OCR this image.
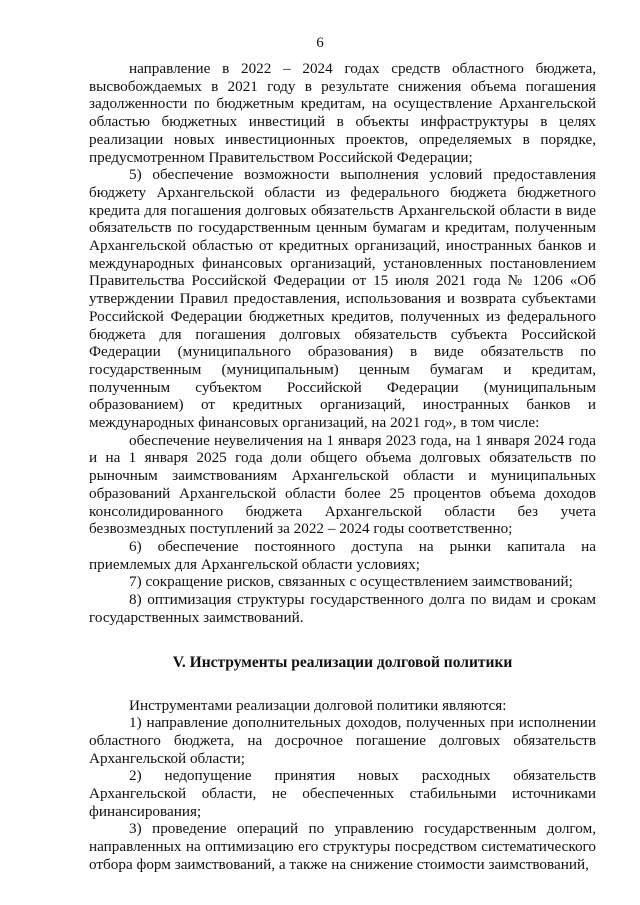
6

направление в 2022 – 2024 годах средств областного бюджета, высвобождаемых в 2021 году в результате снижения объема погашения задолженности по бюджетным кредитам, на осуществление Архангельской областью бюджетных инвестиций в объекты инфраструктуры в целях реализации новых инвестиционных проектов, определяемых в порядке, предусмотренном Правительством Российской Федерации;

5) обеспечение возможности выполнения условий предоставления бюджету Архангельской области из федерального бюджета бюджетного кредита для погашения долговых обязательств Архангельской области в виде обязательств по государственным ценным бумагам и кредитам, полученным Архангельской областью от кредитных организаций, иностранных банков и международных финансовых организаций, установленных постановлением Правительства Российской Федерации от 15 июля 2021 года № 1206 «Об утверждении Правил предоставления, использования и возврата субъектами Российской Федерации бюджетных кредитов, полученных из федерального бюджета для погашения долговых обязательств субъекта Российской Федерации (муниципального образования) в виде обязательств по государственным (муниципальным) ценным бумагам и кредитам, полученным субъектом Российской Федерации (муниципальным образованием) от кредитных организаций, иностранных банков и международных финансовых организаций, на 2021 год», в том числе:

обеспечение неувеличения на 1 января 2023 года, на 1 января 2024 года и на 1 января 2025 года доли общего объема долговых обязательств по рыночным заимствованиям Архангельской области и муниципальных образований Архангельской области более 25 процентов объема доходов консолидированного бюджета Архангельской области без учета безвозмездных поступлений за 2022 – 2024 годы соответственно;

6) обеспечение постоянного доступа на рынки капитала на приемлемых для Архангельской области условиях;

7) сокращение рисков, связанных с осуществлением заимствований;

8) оптимизация структуры государственного долга по видам и срокам государственных заимствований.

V. Инструменты реализации долговой политики

Инструментами реализации долговой политики являются:

1) направление дополнительных доходов, полученных при исполнении областного бюджета, на досрочное погашение долговых обязательств Архангельской области;

2) недопущение принятия новых расходных обязательств Архангельской области, не обеспеченных стабильными источниками финансирования;

3) проведение операций по управлению государственным долгом, направленных на оптимизацию его структуры посредством систематического отбора форм заимствований, а также на снижение стоимости заимствований,
